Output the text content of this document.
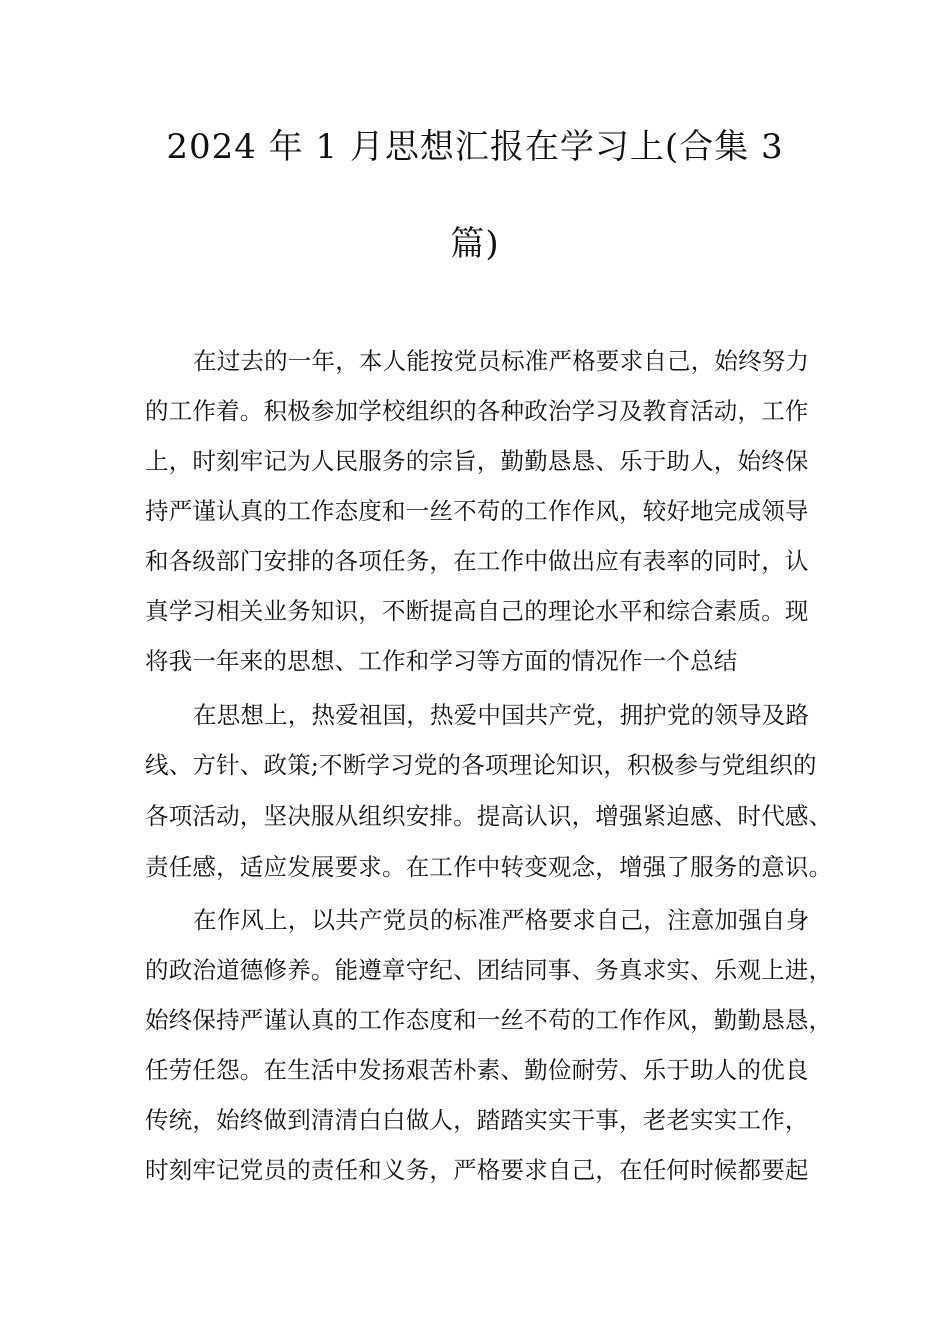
2024 年 1 月思想汇报在学习上(合集 3
篇)
在过去的一年，本人能按党员标准严格要求自己，始终努力
的工作着。积极参加学校组织的各种政治学习及教育活动，工作
上，时刻牢记为人民服务的宗旨，勤勤恳恳、乐于助人，始终保
持严谨认真的工作态度和一丝不苟的工作作风，较好地完成领导
和各级部门安排的各项任务，在工作中做出应有表率的同时，认
真学习相关业务知识，不断提高自己的理论水平和综合素质。现
将我一年来的思想、工作和学习等方面的情况作一个总结
在思想上，热爱祖国，热爱中国共产党，拥护党的领导及路
线、方针、政策;不断学习党的各项理论知识，积极参与党组织的
各项活动，坚决服从组织安排。提高认识，增强紧迫感、时代感、
责任感，适应发展要求。在工作中转变观念，增强了服务的意识。
在作风上，以共产党员的标准严格要求自己，注意加强自身
的政治道德修养。能遵章守纪、团结同事、务真求实、乐观上进，
始终保持严谨认真的工作态度和一丝不苟的工作作风，勤勤恳恳，
任劳任怨。在生活中发扬艰苦朴素、勤俭耐劳、乐于助人的优良
传统，始终做到清清白白做人，踏踏实实干事，老老实实工作，
时刻牢记党员的责任和义务，严格要求自己，在任何时候都要起
